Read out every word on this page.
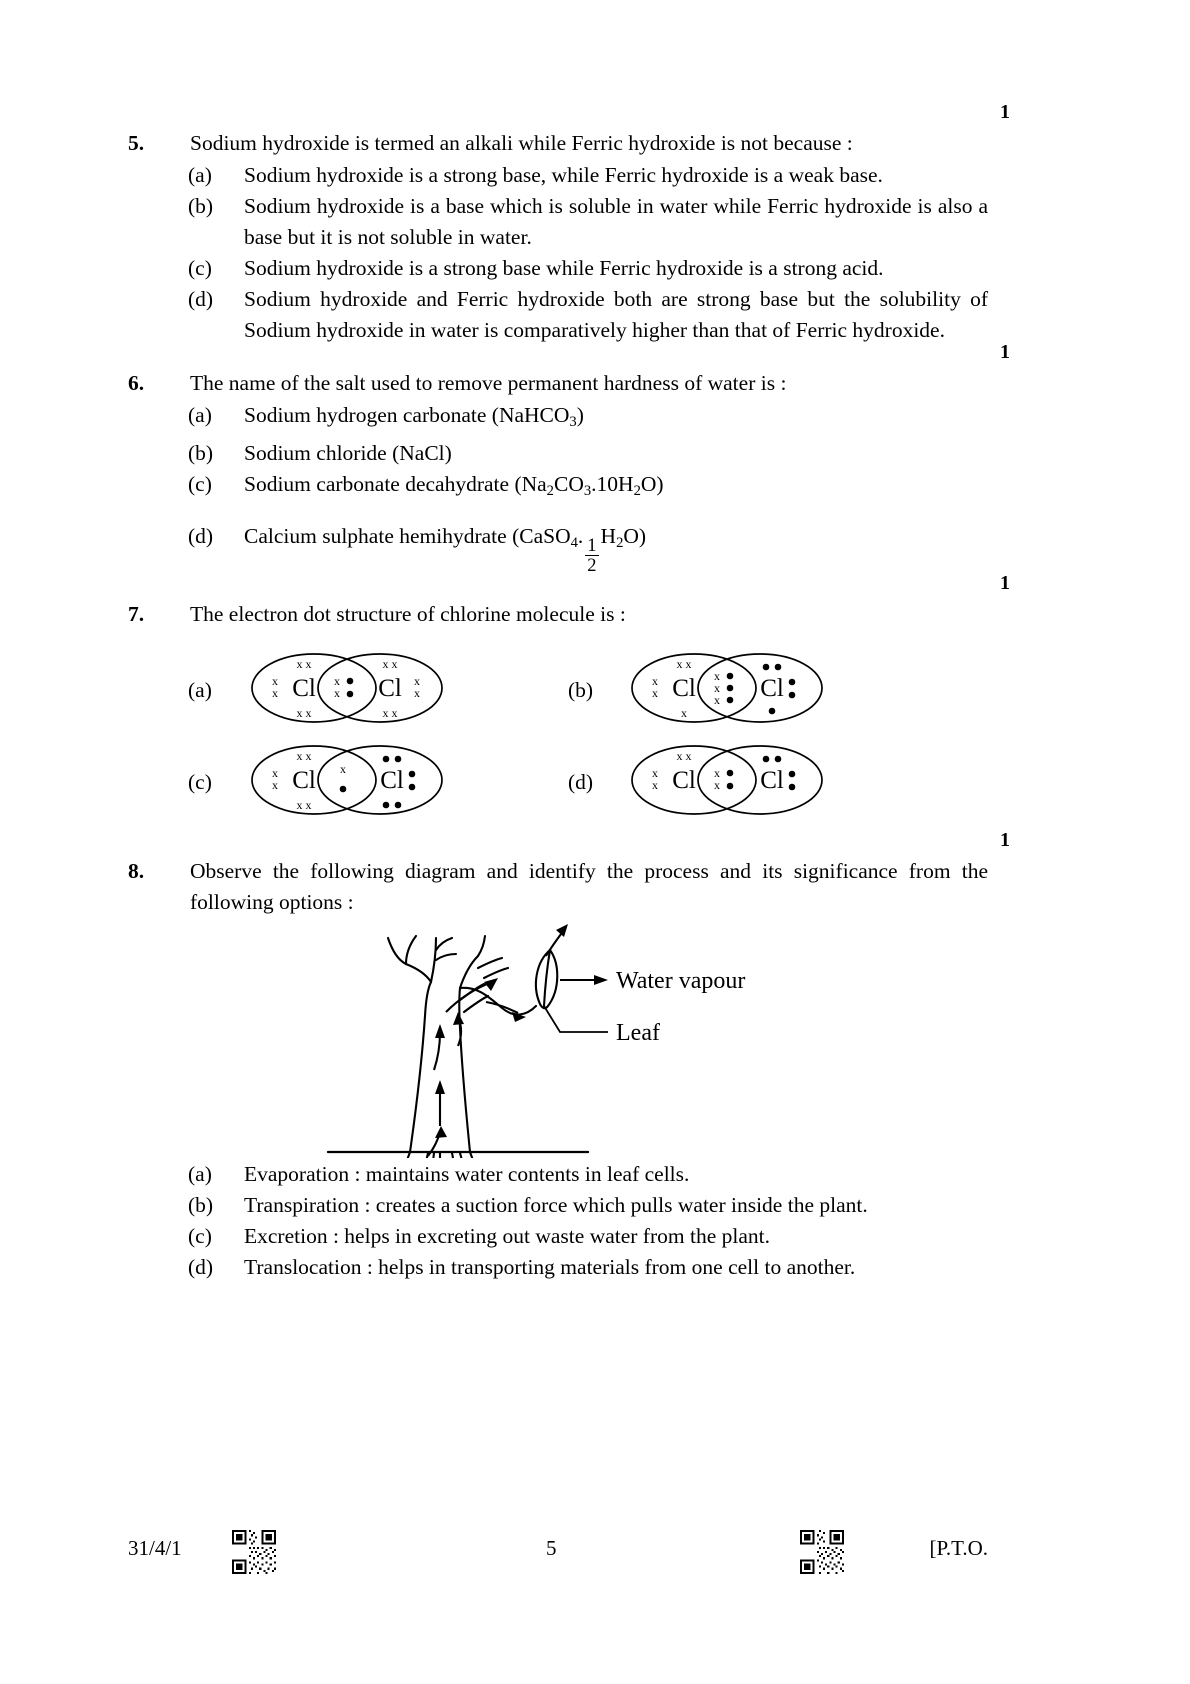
5.	Sodium hydroxide is termed an alkali while Ferric hydroxide is not because :
1
(a)	Sodium hydroxide is a strong base, while Ferric hydroxide is a weak base.
(b)	Sodium hydroxide is a base which is soluble in water while Ferric hydroxide is also a base but it is not soluble in water.
(c)	Sodium hydroxide is a strong base while Ferric hydroxide is a strong acid.
(d)	Sodium hydroxide and Ferric hydroxide both are strong base but the solubility of Sodium hydroxide in water is comparatively higher than that of Ferric hydroxide.
6.	The name of the salt used to remove permanent hardness of water is :
1
(a)	Sodium hydrogen carbonate (NaHCO$_3$)
(b)	Sodium chloride (NaCl)
(c)	Sodium carbonate decahydrate $(Na_2CO_3.10H_2O)$
(d)	Calcium sulphate hemihydrate (CaSO$_4$.
$\frac{1}{2}$
$H_2O$)
7.	The electron dot structure of chlorine molecule is :
1
(a)	Cl Cl
x x
x x
x
x
x x
x x
x
x
x
x	(b)	Cl	Cl
x x
x
x
x
x
x
x
(c)	Cl	Cl
x x
x x
x
x
x
(d)	Cl	Cl
x x
x
x
x
x
8.	Observe the following diagram and identify the process and its significance from the following options :
1
Water vapour
Leaf
(a)	Evaporation : maintains water contents in leaf cells.
(b)	Transpiration : creates a suction force which pulls water inside the plant.
(c)	Excretion : helps in excreting out waste water from the plant.
(d)	Translocation : helps in transporting materials from one cell to another.
31/4/1	5	[P.T.O.
